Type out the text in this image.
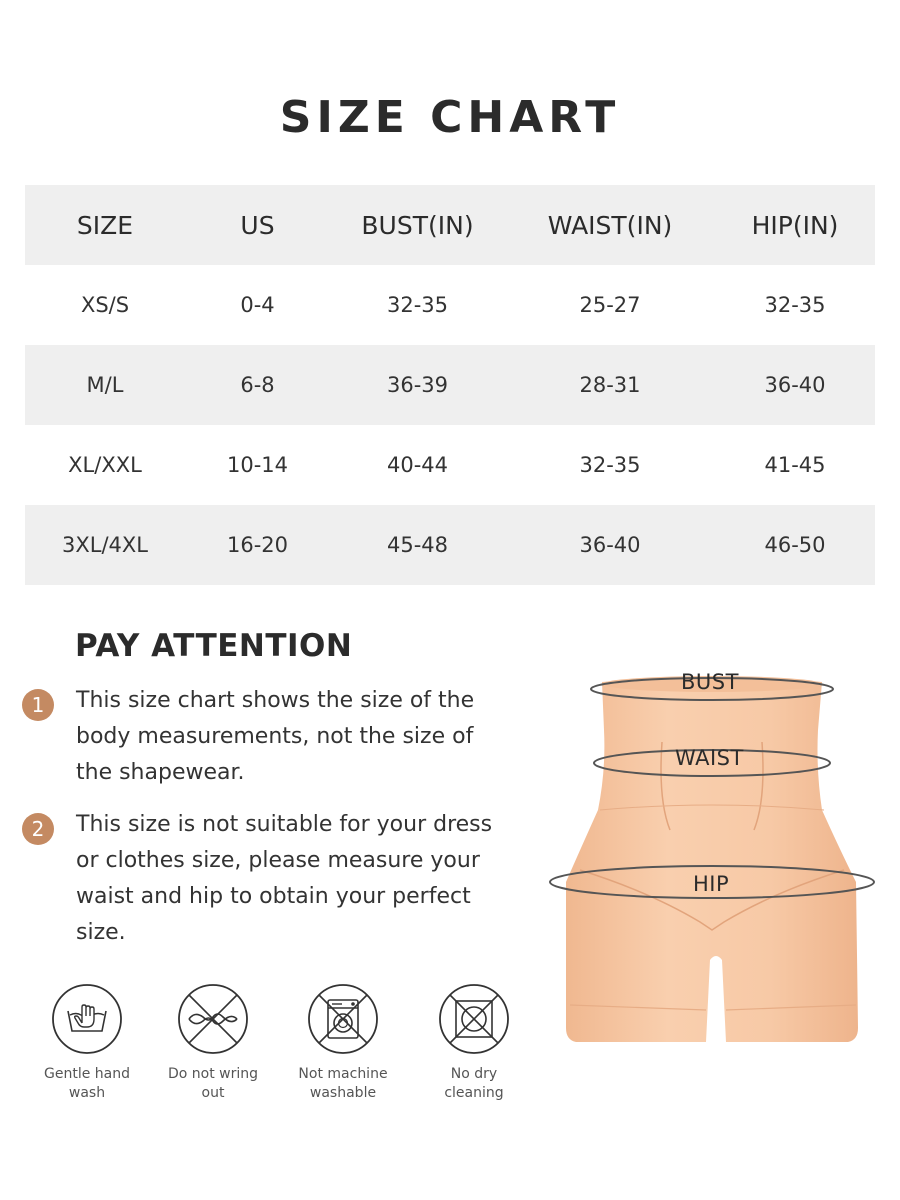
SIZE CHART
SIZE	US	BUST(IN)	WAIST(IN)	HIP(IN)
XS/S	0-4	32-35	25-27	32-35
M/L	6-8	36-39	28-31	36-40
XL/XXL	10-14	40-44	32-35	41-45
3XL/4XL	16-20	45-48	36-40	46-50
PAY ATTENTION
1	This size chart shows the size of the body measurements, not the size of the shapewear.
2	This size is not suitable for your dress or clothes size, please measure your waist and hip to obtain your perfect size.
Gentle hand wash
Do not wring out
Not machine washable
No dry cleaning
BUST
WAIST
HIP
